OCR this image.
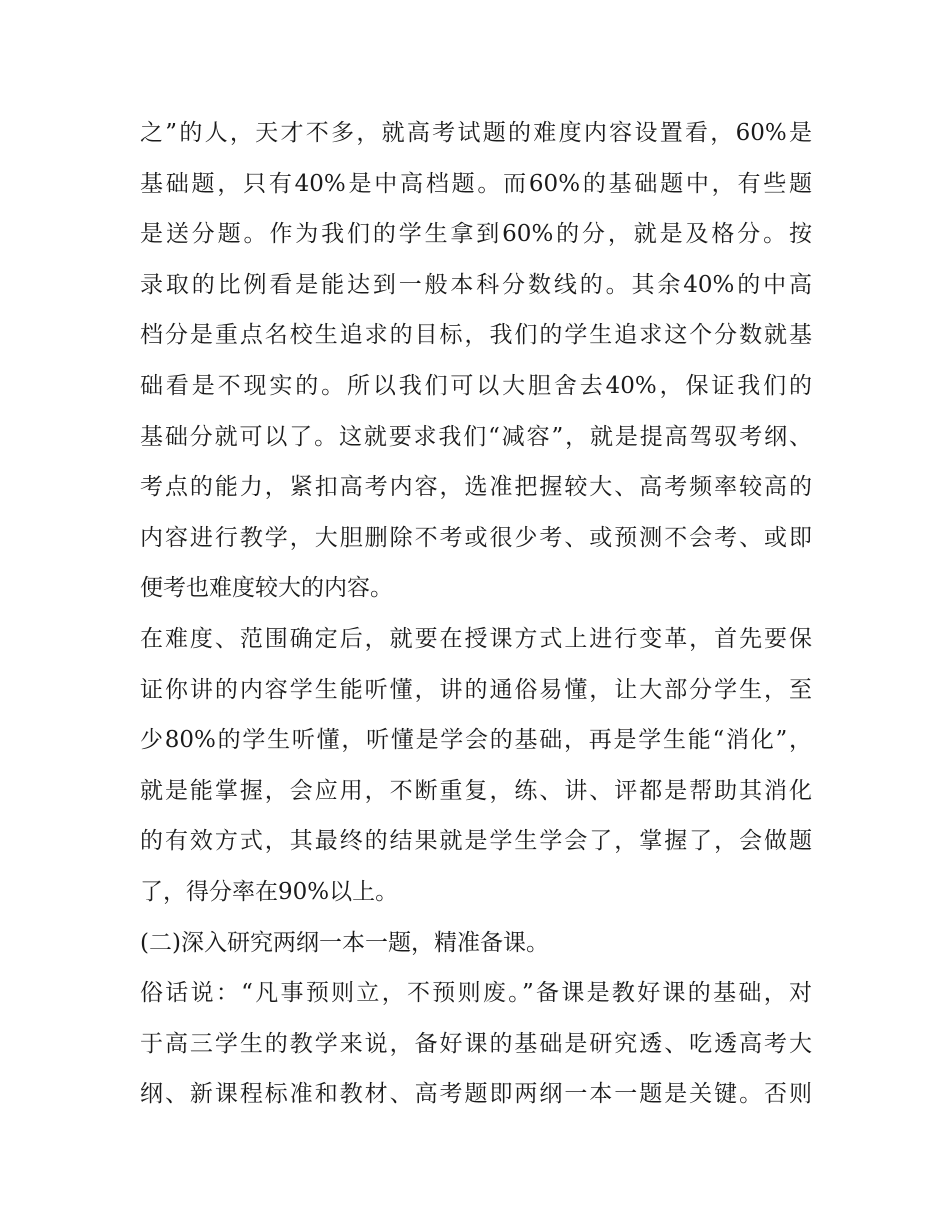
之”的人，天才不多，就高考试题的难度内容设置看，60%是
基础题，只有40%是中高档题。而60%的基础题中，有些题
是送分题。作为我们的学生拿到60%的分，就是及格分。按
录取的比例看是能达到一般本科分数线的。其余40%的中高
档分是重点名校生追求的目标，我们的学生追求这个分数就基
础看是不现实的。所以我们可以大胆舍去40%，保证我们的
基础分就可以了。这就要求我们“减容”，就是提高驾驭考纲、
考点的能力，紧扣高考内容，选准把握较大、高考频率较高的
内容进行教学，大胆删除不考或很少考、或预测不会考、或即
便考也难度较大的内容。
在难度、范围确定后，就要在授课方式上进行变革，首先要保
证你讲的内容学生能听懂，讲的通俗易懂，让大部分学生，至
少80%的学生听懂，听懂是学会的基础，再是学生能“消化”，
就是能掌握，会应用，不断重复，练、讲、评都是帮助其消化
的有效方式，其最终的结果就是学生学会了，掌握了，会做题
了，得分率在90%以上。
(二)深入研究两纲一本一题，精准备课。
俗话说：“凡事预则立，不预则废。”备课是教好课的基础，对
于高三学生的教学来说，备好课的基础是研究透、吃透高考大
纲、新课程标准和教材、高考题即两纲一本一题是关键。否则
